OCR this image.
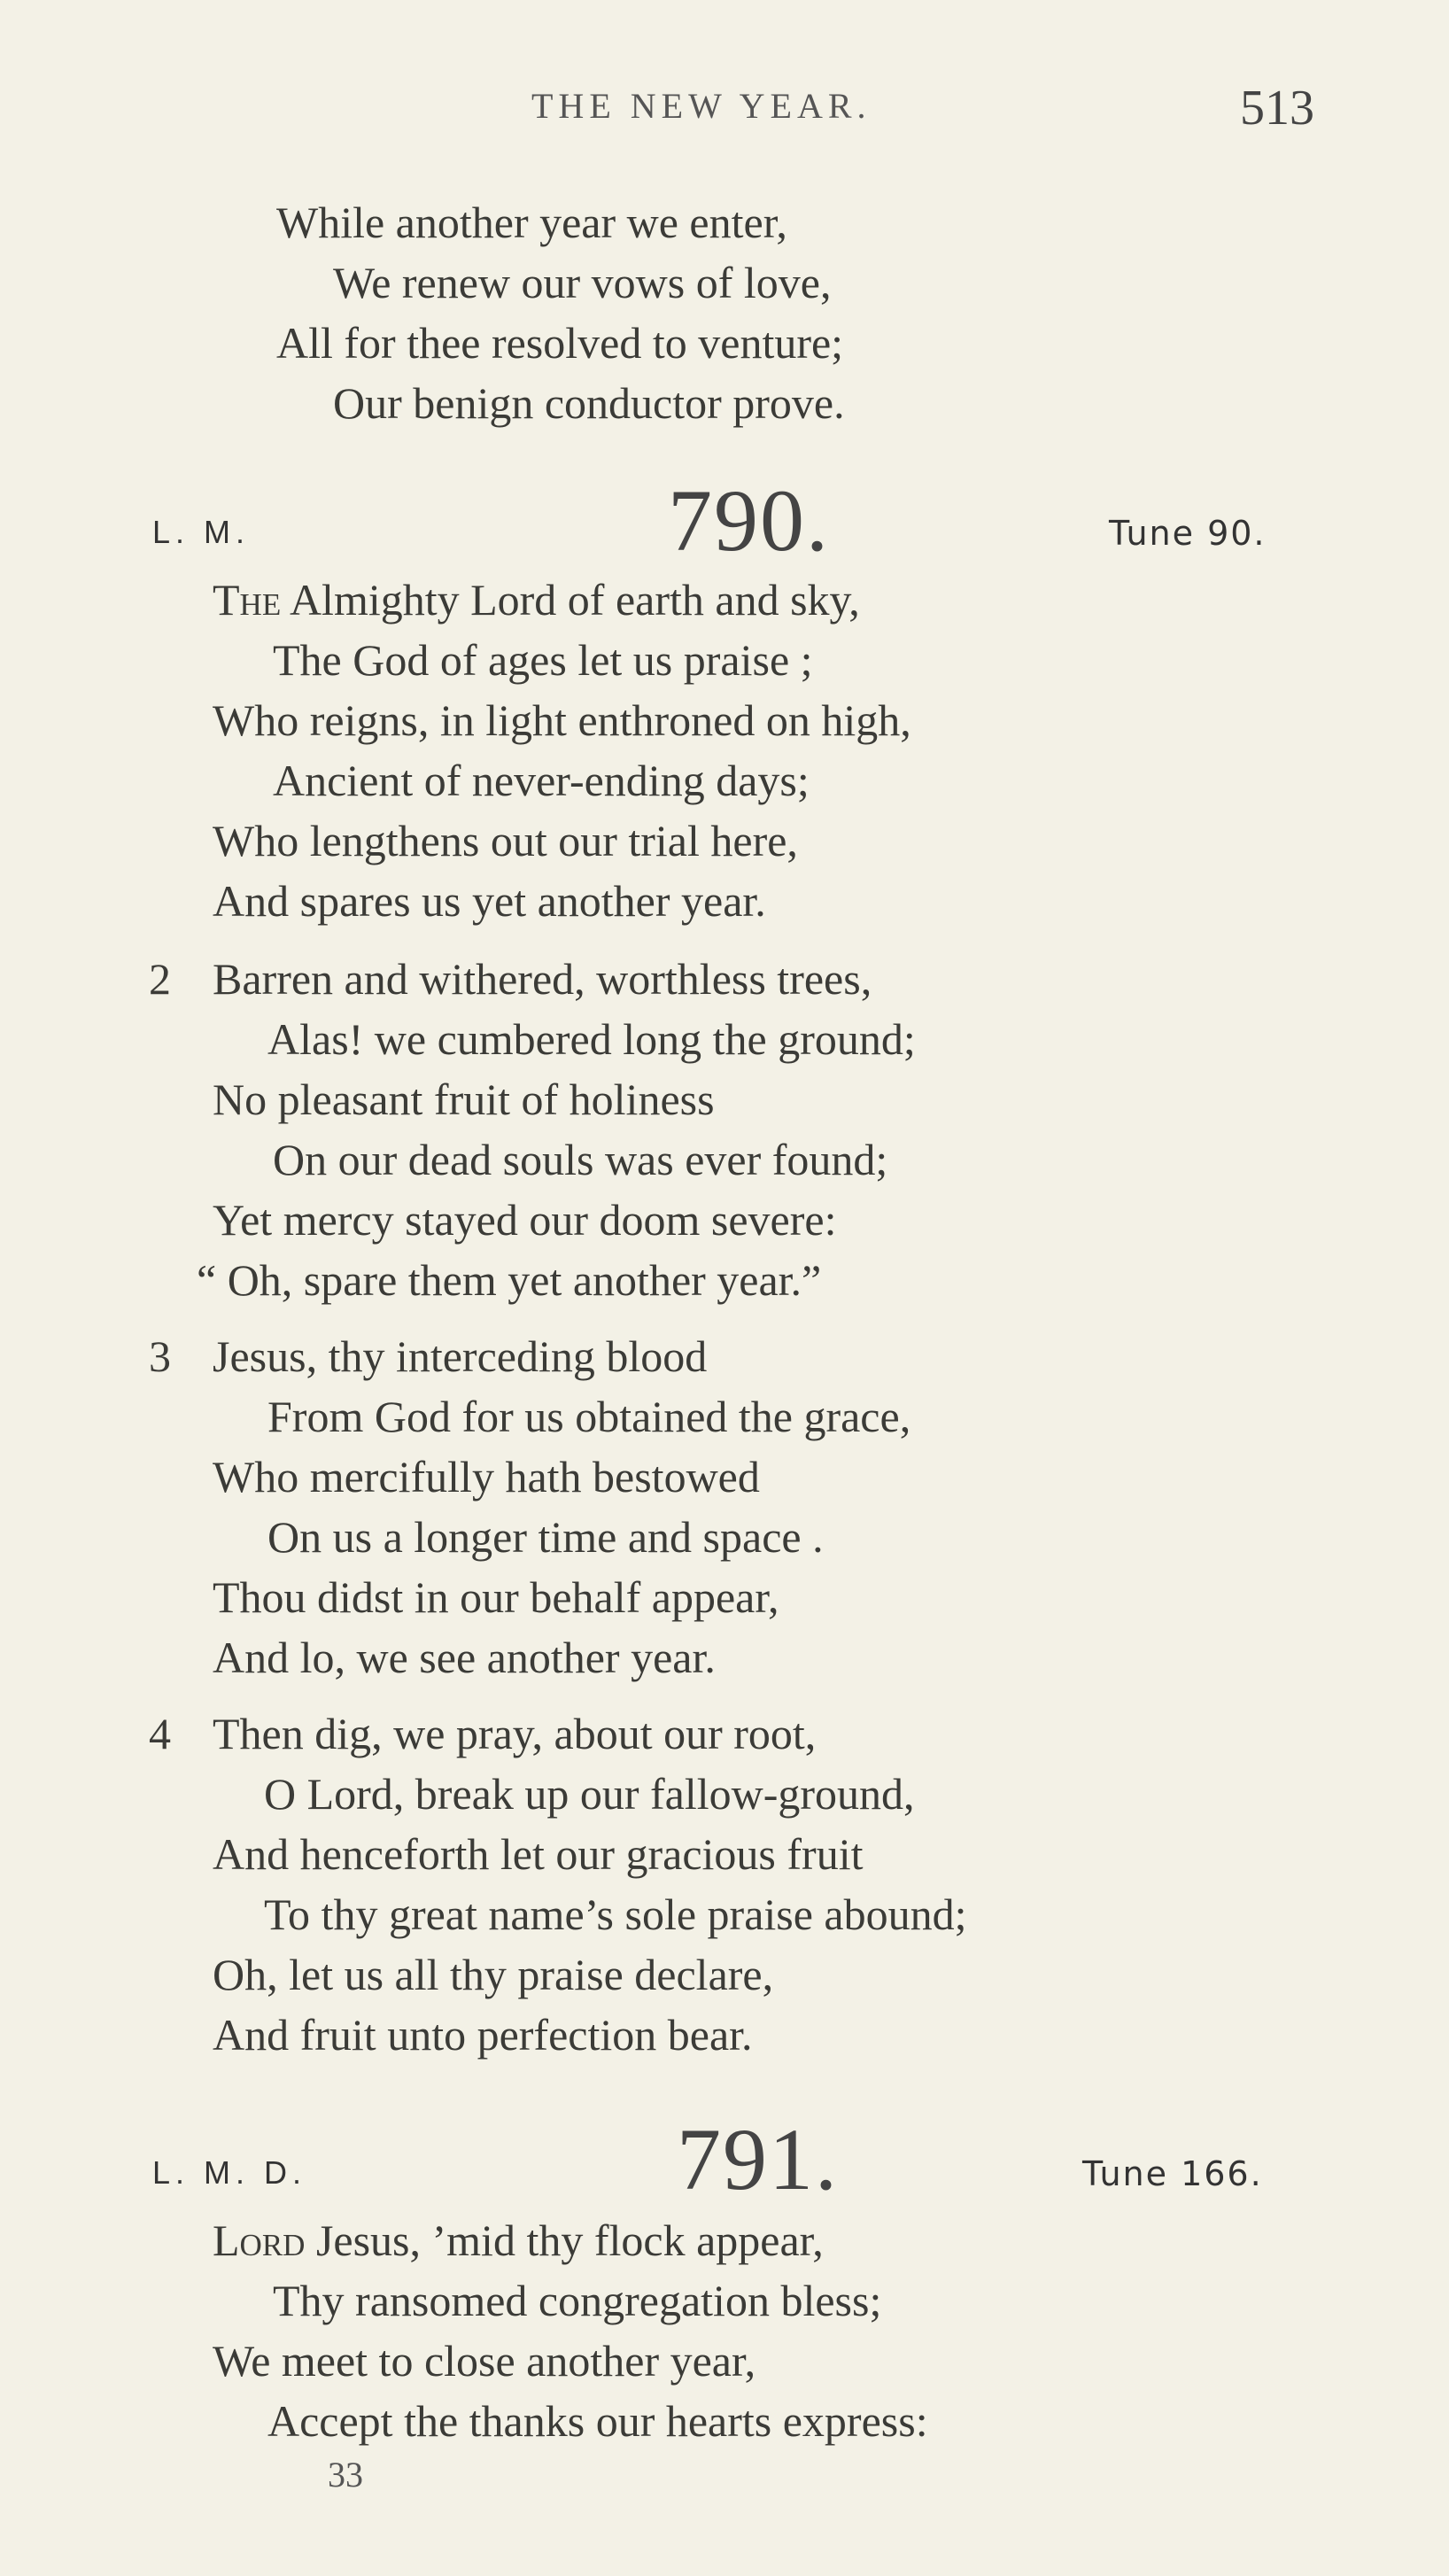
THE NEW YEAR.	513
While another year we enter,
We renew our vows of love,
All for thee resolved to venture;
Our benign conductor prove.
L. M.	790.	Tune 90.
The Almighty Lord of earth and sky,
The God of ages let us praise ;
Who reigns, in light enthroned on high,
Ancient of never-ending days;
Who lengthens out our trial here,
And spares us yet another year.
2 Barren and withered, worthless trees,
Alas! we cumbered long the ground;
No pleasant fruit of holiness
On our dead souls was ever found;
Yet mercy stayed our doom severe:
“ Oh, spare them yet another year.”
3 Jesus, thy interceding blood
From God for us obtained the grace,
Who mercifully hath bestowed
On us a longer time and space .
Thou didst in our behalf appear,
And lo, we see another year.
4 Then dig, we pray, about our root,
O Lord, break up our fallow-ground,
And henceforth let our gracious fruit
To thy great name’s sole praise abound;
Oh, let us all thy praise declare,
And fruit unto perfection bear.
L. M. D.	791.	Tune 166.
Lord Jesus, ’mid thy flock appear,
Thy ransomed congregation bless;
We meet to close another year,
Accept the thanks our hearts express:
33
